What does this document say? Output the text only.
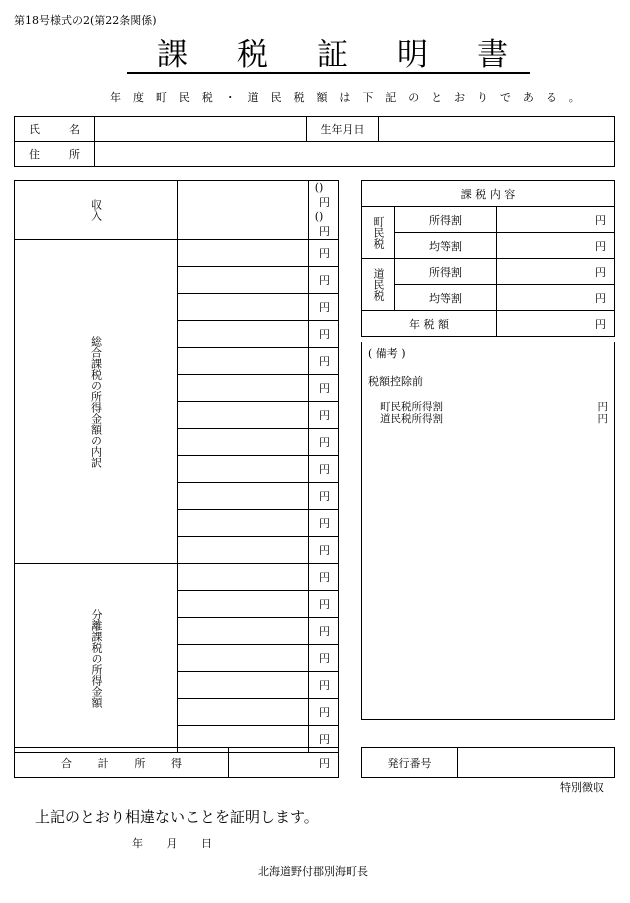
第18号様式の2(第22条関係)
課 税 証 明 書
年 度 町 民 税 ・ 道 民 税 額 は 下 記 の と お り で あ る 。
氏 名		生年月日	

住 所			

収入		( )円

		( )円

総合課税の所得金額の内訳		円
		円
		円
		円
		円
		円
		円
		円
		円
		円
		円
		円

分離課税の所得金額		円
		円
		円
		円
		円
		円
		円
課 税 内 容		

町民税	所得割	円
	均等割	円

道民税	所得割	円
	均等割	円
年 税 額		円
( 備考 )
税額控除前
町民税所得割	円
道民税所得割	円
合 計 所 得	円	発行番号	
特別徴収
上記のとおり相違ないことを証明します。
年 月 日
北海道野付郡別海町長
